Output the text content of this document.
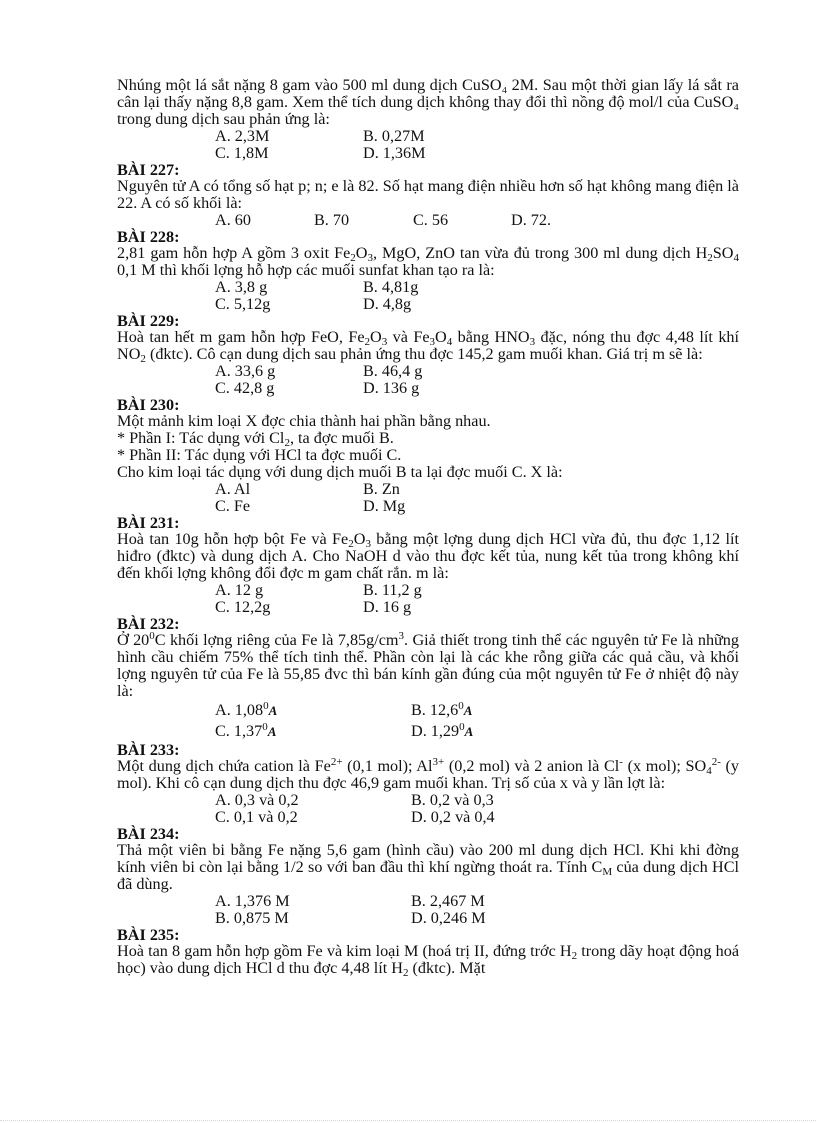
Nhúng một lá sắt nặng 8 gam vào 500 ml dung dịch CuSO₄ 2M. Sau một thời gian lấy lá sắt ra cân lại thấy nặng 8,8 gam. Xem thể tích dung dịch không thay đổi thì nồng độ mol/l của CuSO₄ trong dung dịch sau phản ứng là:

A. 2,3M	B. 0,27M
C. 1,8M	D. 1,36M

BÀI 227:

Nguyên tử A có tổng số hạt p; n; e là 82. Số hạt mang điện nhiều hơn số hạt không mang điện là 22. A có số khối là:

A. 60	B. 70	C. 56	D. 72.

BÀI 228:

2,81 gam hỗn hợp A gồm 3 oxit $Fe_2O_3$, MgO, ZnO tan vừa đủ trong 300 ml dung dịch $H_2SO_4$ 0,1 M thì khối lợng hỗ hợp các muối sunfat khan tạo ra là:

A. 3,8 g	B. 4,81g
C. 5,12g	D. 4,8g

BÀI 229:

Hoà tan hết m gam hỗn hợp FeO, $Fe_2O_3$ và $Fe_3O_4$ bằng $HNO_3$ đặc, nóng thu đợc 4,48 lít khí $NO_2$ (đktc). Cô cạn dung dịch sau phản ứng thu đợc 145,2 gam muối khan. Giá trị m sẽ là:

A. 33,6 g	B. 46,4 g
C. 42,8 g	D. 136 g

BÀI 230:

Một mảnh kim loại X đợc chia thành hai phần bằng nhau.

* Phần I: Tác dụng với $Cl_2$, ta đợc muối B.

* Phần II: Tác dụng với HCl ta đợc muối C.

Cho kim loại tác dụng với dung dịch muối B ta lại đợc muối C. X là:

A. Al	B. Zn
C. Fe	D. Mg

BÀI 231:

Hoà tan 10g hỗn hợp bột Fe và $Fe_2O_3$ bằng một lợng dung dịch HCl vừa đủ, thu đợc 1,12 lít hiđro (đktc) và dung dịch A. Cho NaOH d vào thu đợc kết tủa, nung kết tủa trong không khí đến khối lợng không đổi đợc m gam chất rắn. m là:

A. 12 g	B. 11,2 g
C. 12,2g	D. 16 g

BÀI 232:

Ở $20^0C$ khối lợng riêng của Fe là $7,85g/cm^3$. Giả thiết trong tinh thể các nguyên tử Fe là những hình cầu chiếm 75% thể tích tinh thể. Phần còn lại là các khe rỗng giữa các quả cầu, và khối lợng nguyên tử của Fe là 55,85 đvc thì bán kính gần đúng của một nguyên tử Fe ở nhiệt độ này là:

A. 1,08$^0$A	B. 12,6$^0$A
C. 1,37$^0$A	D. 1,29$^0$A

BÀI 233:

Một dung dịch chứa cation là $Fe^{2+}$ (0,1 mol); $Al^{3+}$ (0,2 mol) và 2 anion là Cl- (x mol); $SO_4^{2-}$ (y mol). Khi cô cạn dung dịch thu đợc 46,9 gam muối khan. Trị số của x và y lần lợt là:

A. 0,3 và 0,2	B. 0,2 và 0,3
C. 0,1 và 0,2	D. 0,2 và 0,4

BÀI 234:

Thả một viên bi bằng Fe nặng 5,6 gam (hình cầu) vào 200 ml dung dịch HCl. Khi khi đờng kính viên bi còn lại bằng 1/2 so với ban đầu thì khí ngừng thoát ra. Tính $C_M$ của dung dịch HCl đã dùng.

A. 1,376 M	B. 2,467 M
B. 0,875 M	D. 0,246 M

BÀI 235:

Hoà tan 8 gam hỗn hợp gồm Fe và kim loại M (hoá trị II, đứng trớc $H_2$ trong dãy hoạt động hoá học) vào dung dịch HCl d thu đợc 4,48 lít $H_2$ (đktc). Mặt
